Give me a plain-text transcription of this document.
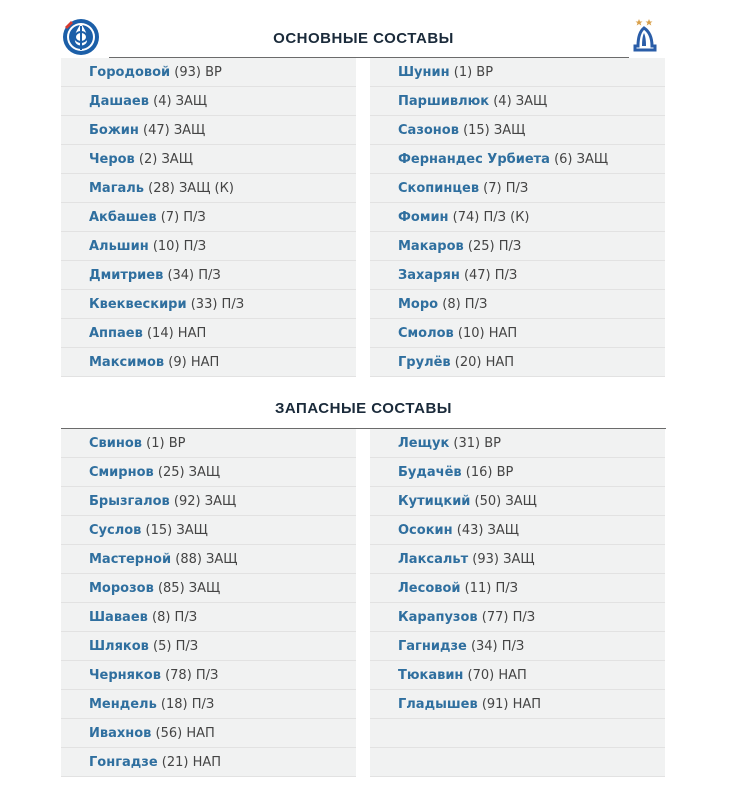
ОСНОВНЫЕ СОСТАВЫ
Городовой (93) ВР
Дашаев (4) ЗАЩ
Божин (47) ЗАЩ
Черов (2) ЗАЩ
Магаль (28) ЗАЩ (К)
Акбашев (7) П/З
Альшин (10) П/З
Дмитриев (34) П/З
Квеквескири (33) П/З
Аппаев (14) НАП
Максимов (9) НАП
Шунин (1) ВР
Паршивлюк (4) ЗАЩ
Сазонов (15) ЗАЩ
Фернандес Урбиета (6) ЗАЩ
Скопинцев (7) П/З
Фомин (74) П/З (К)
Макаров (25) П/З
Захарян (47) П/З
Моро (8) П/З
Смолов (10) НАП
Грулёв (20) НАП
ЗАПАСНЫЕ СОСТАВЫ
Свинов (1) ВР
Смирнов (25) ЗАЩ
Брызгалов (92) ЗАЩ
Суслов (15) ЗАЩ
Мастерной (88) ЗАЩ
Морозов (85) ЗАЩ
Шаваев (8) П/З
Шляков (5) П/З
Черняков (78) П/З
Мендель (18) П/З
Ивахнов (56) НАП
Гонгадзе (21) НАП
Лещук (31) ВР
Будачёв (16) ВР
Кутицкий (50) ЗАЩ
Осокин (43) ЗАЩ
Лаксальт (93) ЗАЩ
Лесовой (11) П/З
Карапузов (77) П/З
Гагнидзе (34) П/З
Тюкавин (70) НАП
Гладышев (91) НАП
